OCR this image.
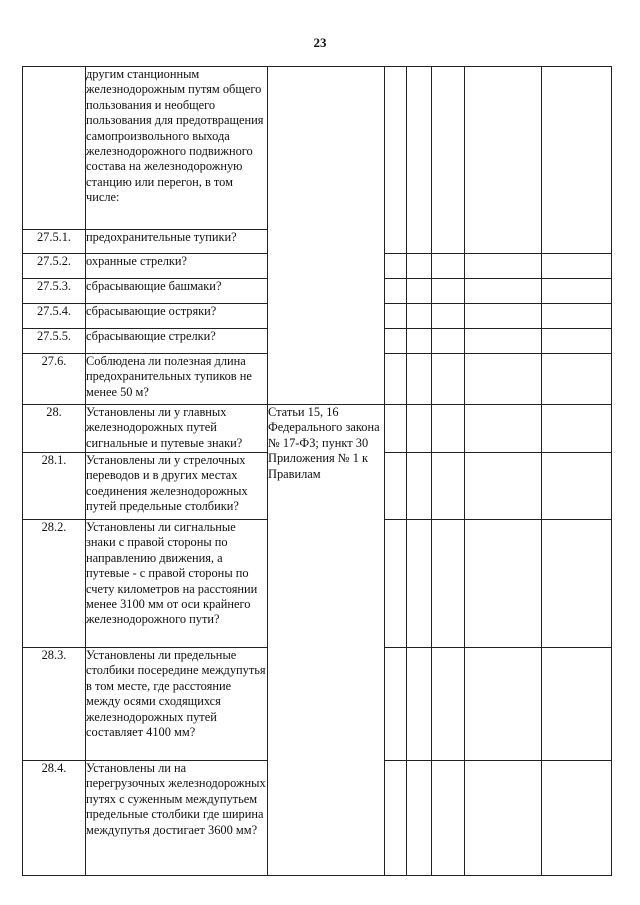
23
	другим станционным железнодорожным путям общего пользования и необщего пользования для предотвращения самопроизвольного выхода железнодорожного подвижного состава на железнодорожную станцию или перегон, в том числе:						
27.5.1.	предохранительные тупики?						
27.5.2.	охранные стрелки?						
27.5.3.	сбрасывающие башмаки?						
27.5.4.	сбрасывающие остряки?						
27.5.5.	сбрасывающие стрелки?						
27.6.	Соблюдена ли полезная длина предохранительных тупиков не менее 50 м?						
28.	Установлены ли у главных железнодорожных путей сигнальные и путевые знаки?	Статьи 15, 16 Федерального закона № 17-ФЗ; пункт 30 Приложения № 1 к Правилам					
28.1.	Установлены ли у стрелочных переводов и в других местах соединения железнодорожных путей предельные столбики?						
28.2.	Установлены ли сигнальные знаки с правой стороны по направлению движения, а путевые - с правой стороны по счету километров на расстоянии менее 3100 мм от оси крайнего железнодорожного пути?						
28.3.	Установлены ли предельные столбики посередине междупутья в том месте, где расстояние между осями сходящихся железнодорожных путей составляет 4100 мм?						
28.4.	Установлены ли на перегрузочных железнодорожных путях с суженным междупутьем предельные столбики где ширина междупутья достигает 3600 мм?						
